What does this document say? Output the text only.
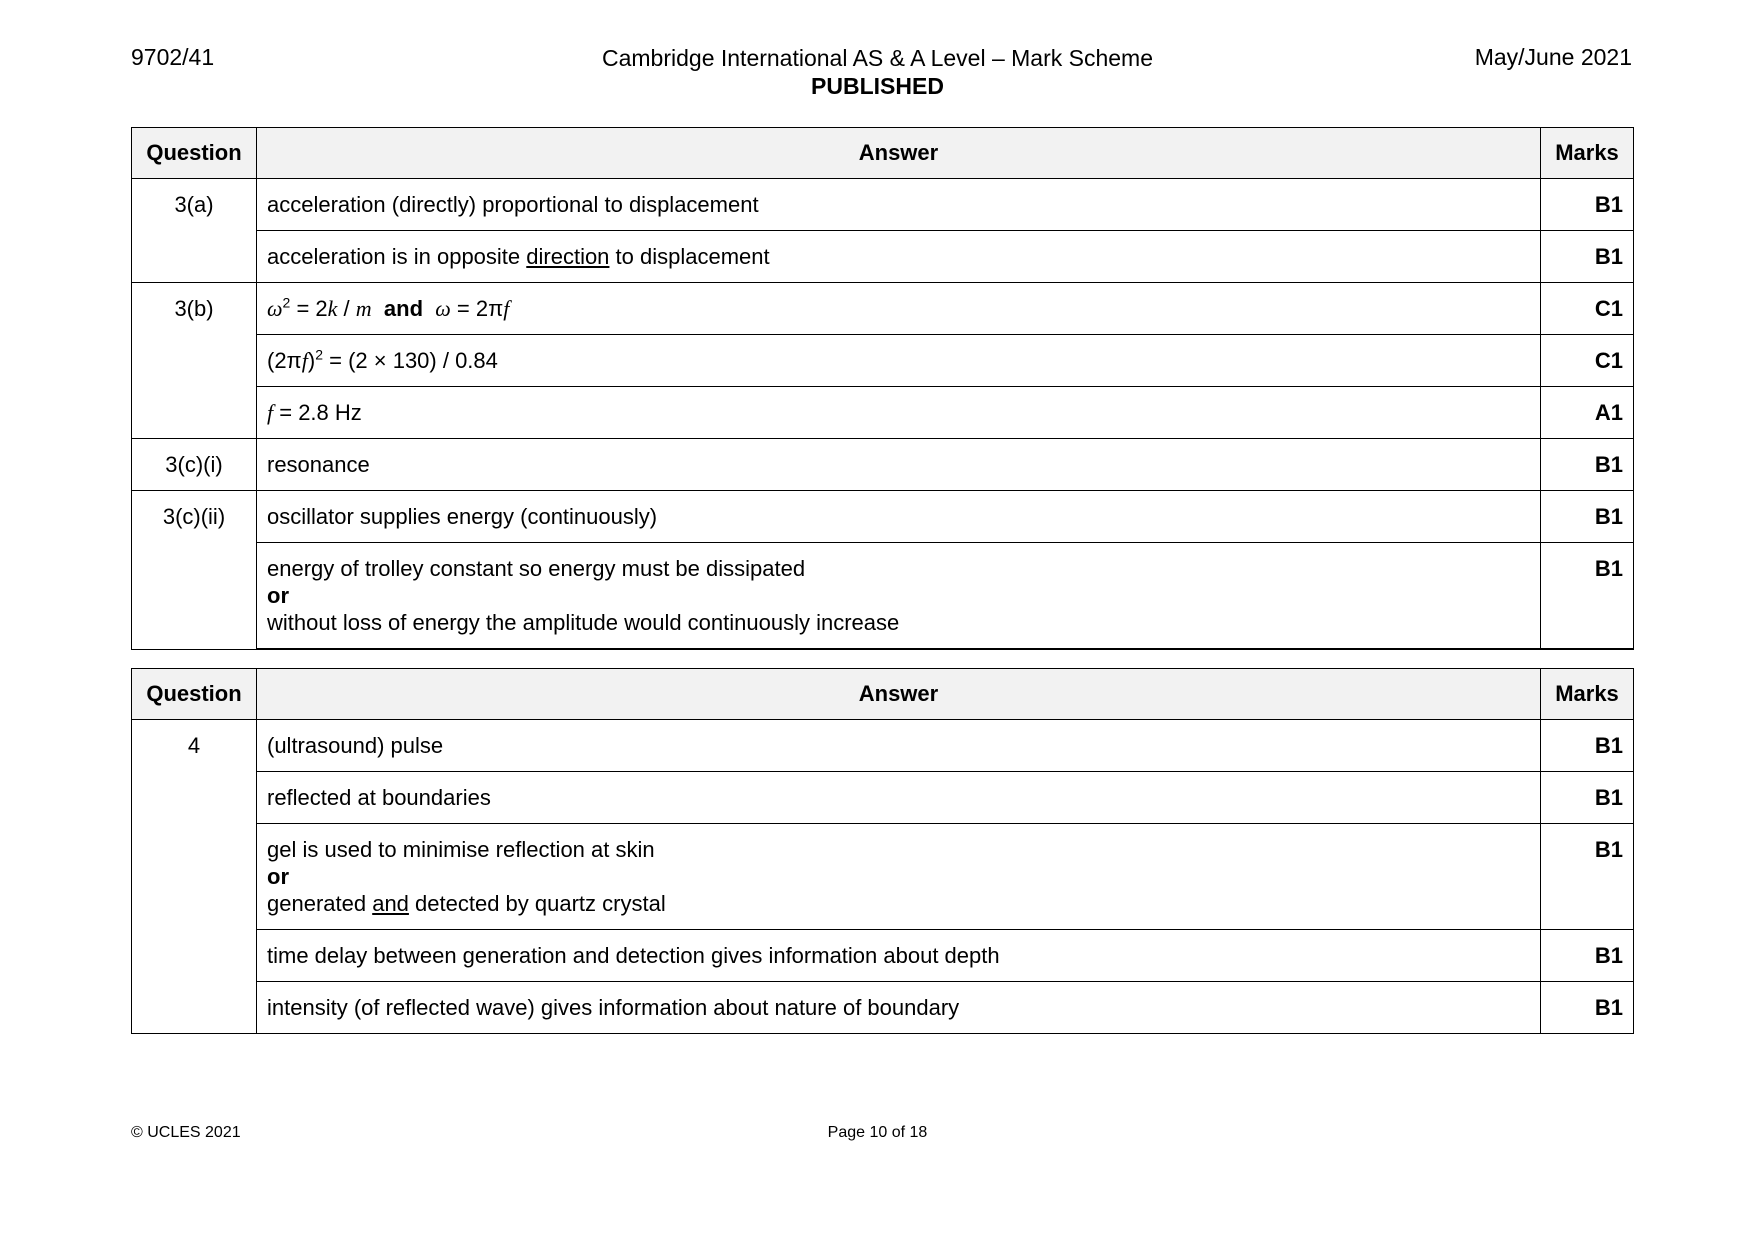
9702/41	Cambridge International AS & A Level – Mark Scheme
PUBLISHED
May/June 2021
Question	Answer	Marks
3(a)	acceleration (directly) proportional to displacement	B1
	acceleration is in opposite direction to displacement	B1
3(b)	$\omega^2 = 2k / m$ and ω = 2πf	C1
	$(2\pi f)^2 = (2 \times 130) / 0.84$	C1
	f = 2.8 Hz	A1
3(c)(i)	resonance	B1
3(c)(ii)	oscillator supplies energy (continuously)	B1

	energy of trolley constant so energy must be dissipated
or
without loss of energy the amplitude would continuously increase	B1
Question	Answer	Marks
4	(ultrasound) pulse	B1
	reflected at boundaries	B1

	gel is used to minimise reflection at skin
or
generated and detected by quartz crystal	B1
	time delay between generation and detection gives information about depth	B1
	intensity (of reflected wave) gives information about nature of boundary	B1
© UCLES 2021	Page 10 of 18
